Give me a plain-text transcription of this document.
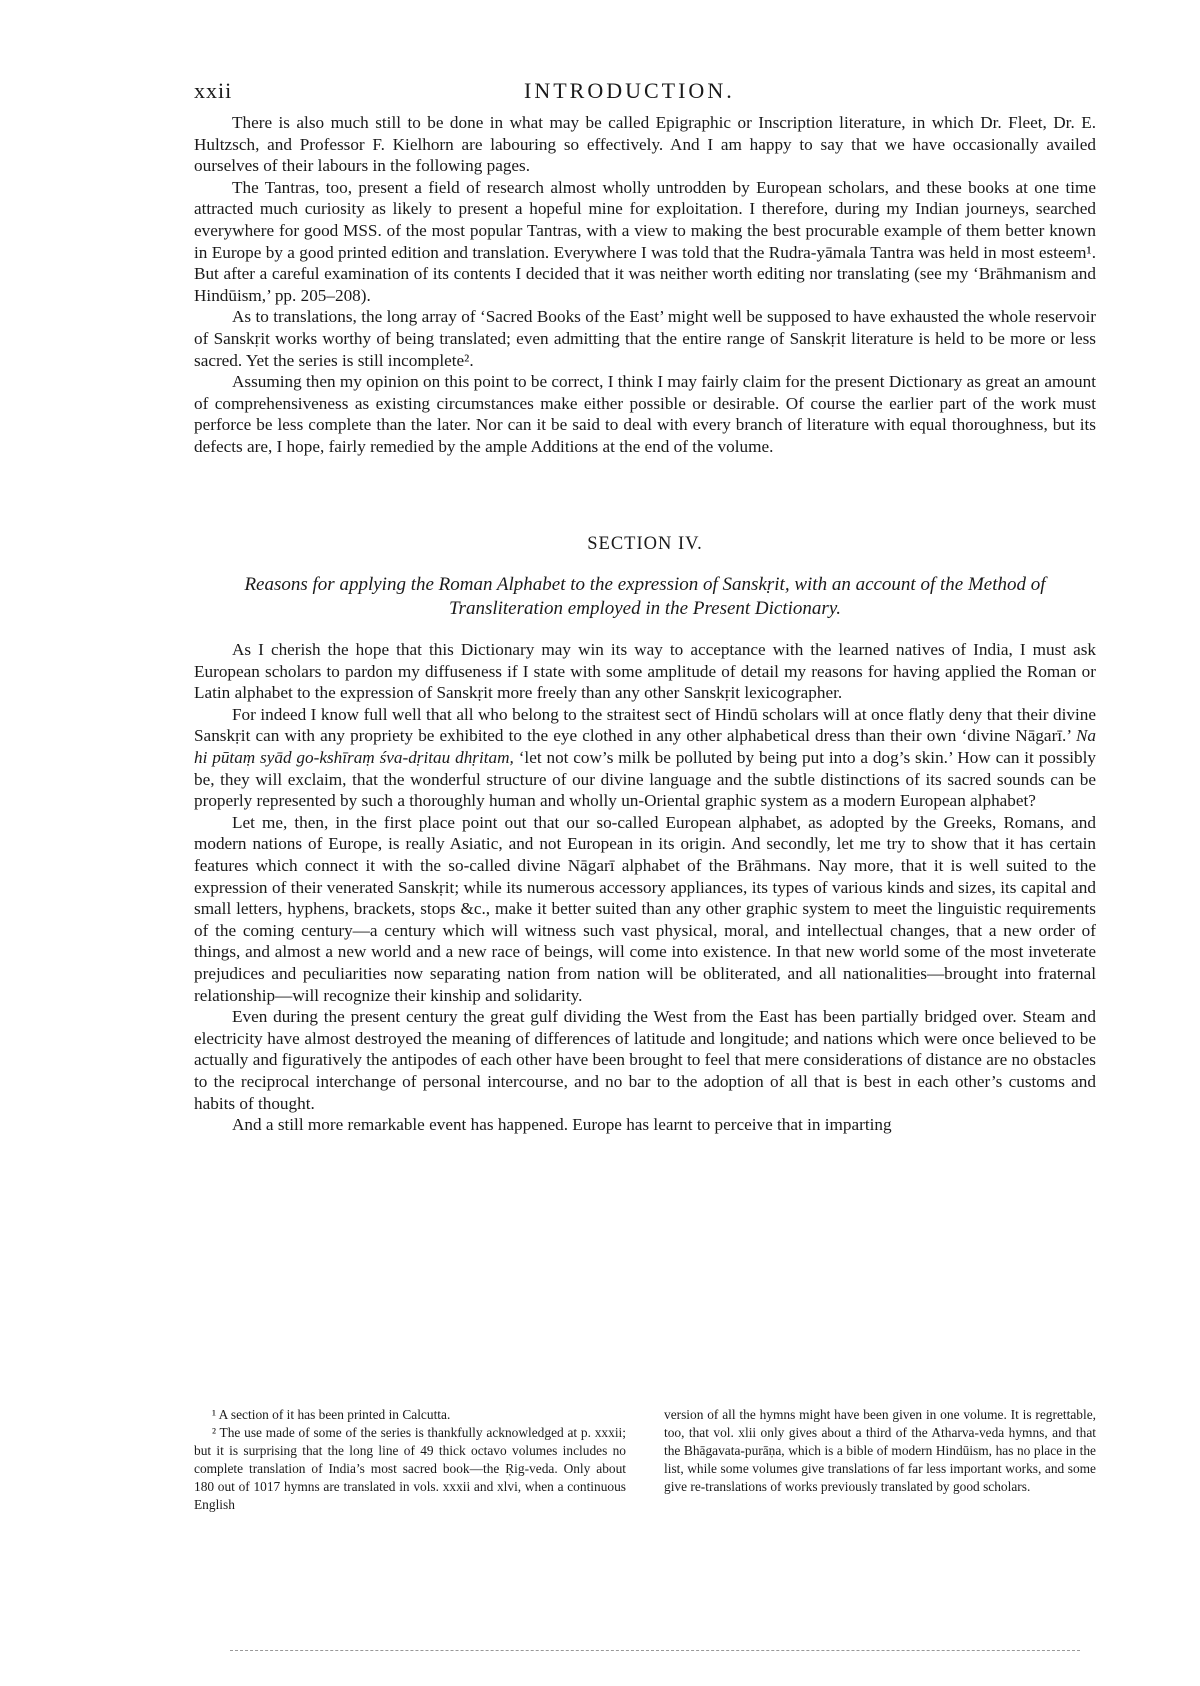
xxii	INTRODUCTION.

There is also much still to be done in what may be called Epigraphic or Inscription literature, in which Dr. Fleet, Dr. E. Hultzsch, and Professor F. Kielhorn are labouring so effectively. And I am happy to say that we have occasionally availed ourselves of their labours in the following pages.

The Tantras, too, present a field of research almost wholly untrodden by European scholars, and these books at one time attracted much curiosity as likely to present a hopeful mine for exploitation. I therefore, during my Indian journeys, searched everywhere for good MSS. of the most popular Tantras, with a view to making the best procurable example of them better known in Europe by a good printed edition and translation. Everywhere I was told that the Rudra-yāmala Tantra was held in most esteem¹. But after a careful examination of its contents I decided that it was neither worth editing nor translating (see my ‘Brāhmanism and Hindūism,’ pp. 205–208).

As to translations, the long array of ‘Sacred Books of the East’ might well be supposed to have exhausted the whole reservoir of Sanskṛit works worthy of being translated; even admitting that the entire range of Sanskṛit literature is held to be more or less sacred. Yet the series is still incomplete².

Assuming then my opinion on this point to be correct, I think I may fairly claim for the present Dictionary as great an amount of comprehensiveness as existing circumstances make either possible or desirable. Of course the earlier part of the work must perforce be less complete than the later. Nor can it be said to deal with every branch of literature with equal thoroughness, but its defects are, I hope, fairly remedied by the ample Additions at the end of the volume.

SECTION IV.
Reasons for applying the Roman Alphabet to the expression of Sanskṛit, with an account of the Method of Transliteration employed in the Present Dictionary.

As I cherish the hope that this Dictionary may win its way to acceptance with the learned natives of India, I must ask European scholars to pardon my diffuseness if I state with some amplitude of detail my reasons for having applied the Roman or Latin alphabet to the expression of Sanskṛit more freely than any other Sanskṛit lexicographer.

For indeed I know full well that all who belong to the straitest sect of Hindū scholars will at once flatly deny that their divine Sanskṛit can with any propriety be exhibited to the eye clothed in any other alphabetical dress than their own ‘divine Nāgarī.’ Na hi pūtaṃ syād go-kshīraṃ śva-dṛitau dhṛitam, ‘let not cow’s milk be polluted by being put into a dog’s skin.’ How can it possibly be, they will exclaim, that the wonderful structure of our divine language and the subtle distinctions of its sacred sounds can be properly represented by such a thoroughly human and wholly un-Oriental graphic system as a modern European alphabet?

Let me, then, in the first place point out that our so-called European alphabet, as adopted by the Greeks, Romans, and modern nations of Europe, is really Asiatic, and not European in its origin. And secondly, let me try to show that it has certain features which connect it with the so-called divine Nāgarī alphabet of the Brāhmans. Nay more, that it is well suited to the expression of their venerated Sanskṛit; while its numerous accessory appliances, its types of various kinds and sizes, its capital and small letters, hyphens, brackets, stops &c., make it better suited than any other graphic system to meet the linguistic requirements of the coming century—a century which will witness such vast physical, moral, and intellectual changes, that a new order of things, and almost a new world and a new race of beings, will come into existence. In that new world some of the most inveterate prejudices and peculiarities now separating nation from nation will be obliterated, and all nationalities—brought into fraternal relationship—will recognize their kinship and solidarity.

Even during the present century the great gulf dividing the West from the East has been partially bridged over. Steam and electricity have almost destroyed the meaning of differences of latitude and longitude; and nations which were once believed to be actually and figuratively the antipodes of each other have been brought to feel that mere considerations of distance are no obstacles to the reciprocal interchange of personal intercourse, and no bar to the adoption of all that is best in each other’s customs and habits of thought.

And a still more remarkable event has happened. Europe has learnt to perceive that in imparting

¹ A section of it has been printed in Calcutta.

² The use made of some of the series is thankfully acknowledged at p. xxxii; but it is surprising that the long line of 49 thick octavo volumes includes no complete translation of India’s most sacred book—the Ṛig-veda. Only about 180 out of 1017 hymns are translated in vols. xxxii and xlvi, when a continuous English

version of all the hymns might have been given in one volume. It is regrettable, too, that vol. xlii only gives about a third of the Atharva-veda hymns, and that the Bhāgavata-purāṇa, which is a bible of modern Hindūism, has no place in the list, while some volumes give translations of far less important works, and some give re-translations of works previously translated by good scholars.
